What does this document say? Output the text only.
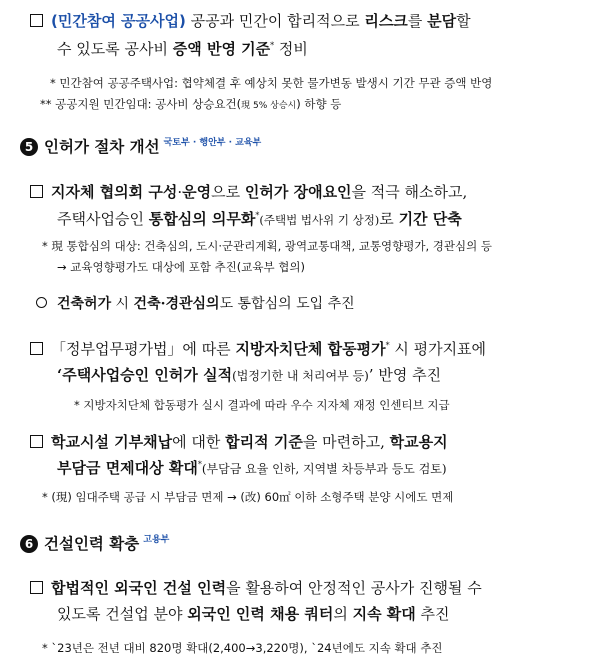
(민간참여 공공사업) 공공과 민간이 합리적으로 리스크를 분담할
수 있도록 공사비 증액 반영 기준* 정비
* 민간참여 공공주택사업: 협약체결 후 예상치 못한 물가변동 발생시 기간 무관 증액 반영
** 공공지원 민간임대: 공사비 상승요건(現 5% 상승시) 하향 등
5 인허가 절차 개선 $^{국토부 \cdot 행안부 \cdot 교육부}$
지자체 협의회 구성·운영으로 인허가 장애요인을 적극 해소하고,
주택사업승인 통합심의 의무화*(주택법 법사위 기 상정)로 기간 단축
* 現 통합심의 대상: 건축심의, 도시·군관리계획, 광역교통대책, 교통영향평가, 경관심의 등
→ 교육영향평가도 대상에 포함 추진(교육부 협의)
건축허가 시 건축·경관심의도 통합심의 도입 추진
「정부업무평가법」에 따른 지방자치단체 합동평가* 시 평가지표에
‘주택사업승인 인허가 실적(법정기한 내 처리여부 등)’ 반영 추진
* 지방자치단체 합동평가 실시 결과에 따라 우수 지자체 재정 인센티브 지급
학교시설 기부채납에 대한 합리적 기준을 마련하고, 학교용지
부담금 면제대상 확대*(부담금 요율 인하, 지역별 차등부과 등도 검토)
* (現) 임대주택 공급 시 부담금 면제 → (改) 60㎡ 이하 소형주택 분양 시에도 면제
6 건설인력 확충 $^{고용부}$
합법적인 외국인 건설 인력을 활용하여 안정적인 공사가 진행될 수
있도록 건설업 분야 외국인 인력 채용 쿼터의 지속 확대 추진
* `23년은 전년 대비 820명 확대(2,400→3,220명), `24년에도 지속 확대 추진
